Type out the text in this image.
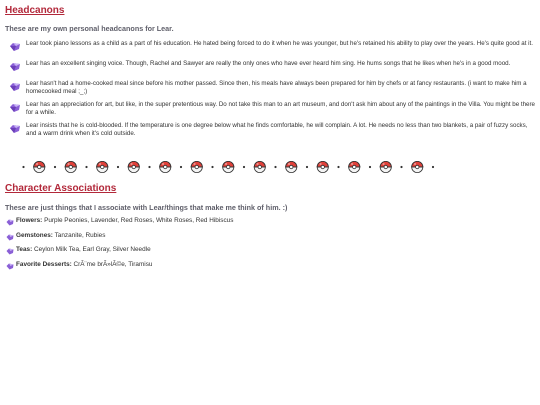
Headcanons
These are my own personal headcanons for Lear.
Lear took piano lessons as a child as a part of his education. He hated being forced to do it when he was younger, but he's retained his ability to play over the years. He's quite good at it.
Lear has an excellent singing voice. Though, Rachel and Sawyer are really the only ones who have ever heard him sing. He hums songs that he likes when he's in a good mood.
Lear hasn't had a home-cooked meal since before his mother passed. Since then, his meals have always been prepared for him by chefs or at fancy restaurants. (i want to make him a homecooked meal ;_;)
Lear has an appreciation for art, but like, in the super pretentious way. Do not take this man to an art museum, and don't ask him about any of the paintings in the Villa. You might be there for a while.
Lear insists that he is cold-blooded. If the temperature is one degree below what he finds comfortable, he will complain. A lot. He needs no less than two blankets, a pair of fuzzy socks, and a warm drink when it's cold outside.
Character Associations
These are just things that I associate with Lear/things that make me think of him. :)
Flowers: Purple Peonies, Lavender, Red Roses, White Roses, Red Hibiscus
Gemstones: Tanzanite, Rubies
Teas: Ceylon Milk Tea, Earl Gray, Silver Needle
Favorite Desserts: CrÃ¨me brÃ»lÃ©e, Tiramisu
